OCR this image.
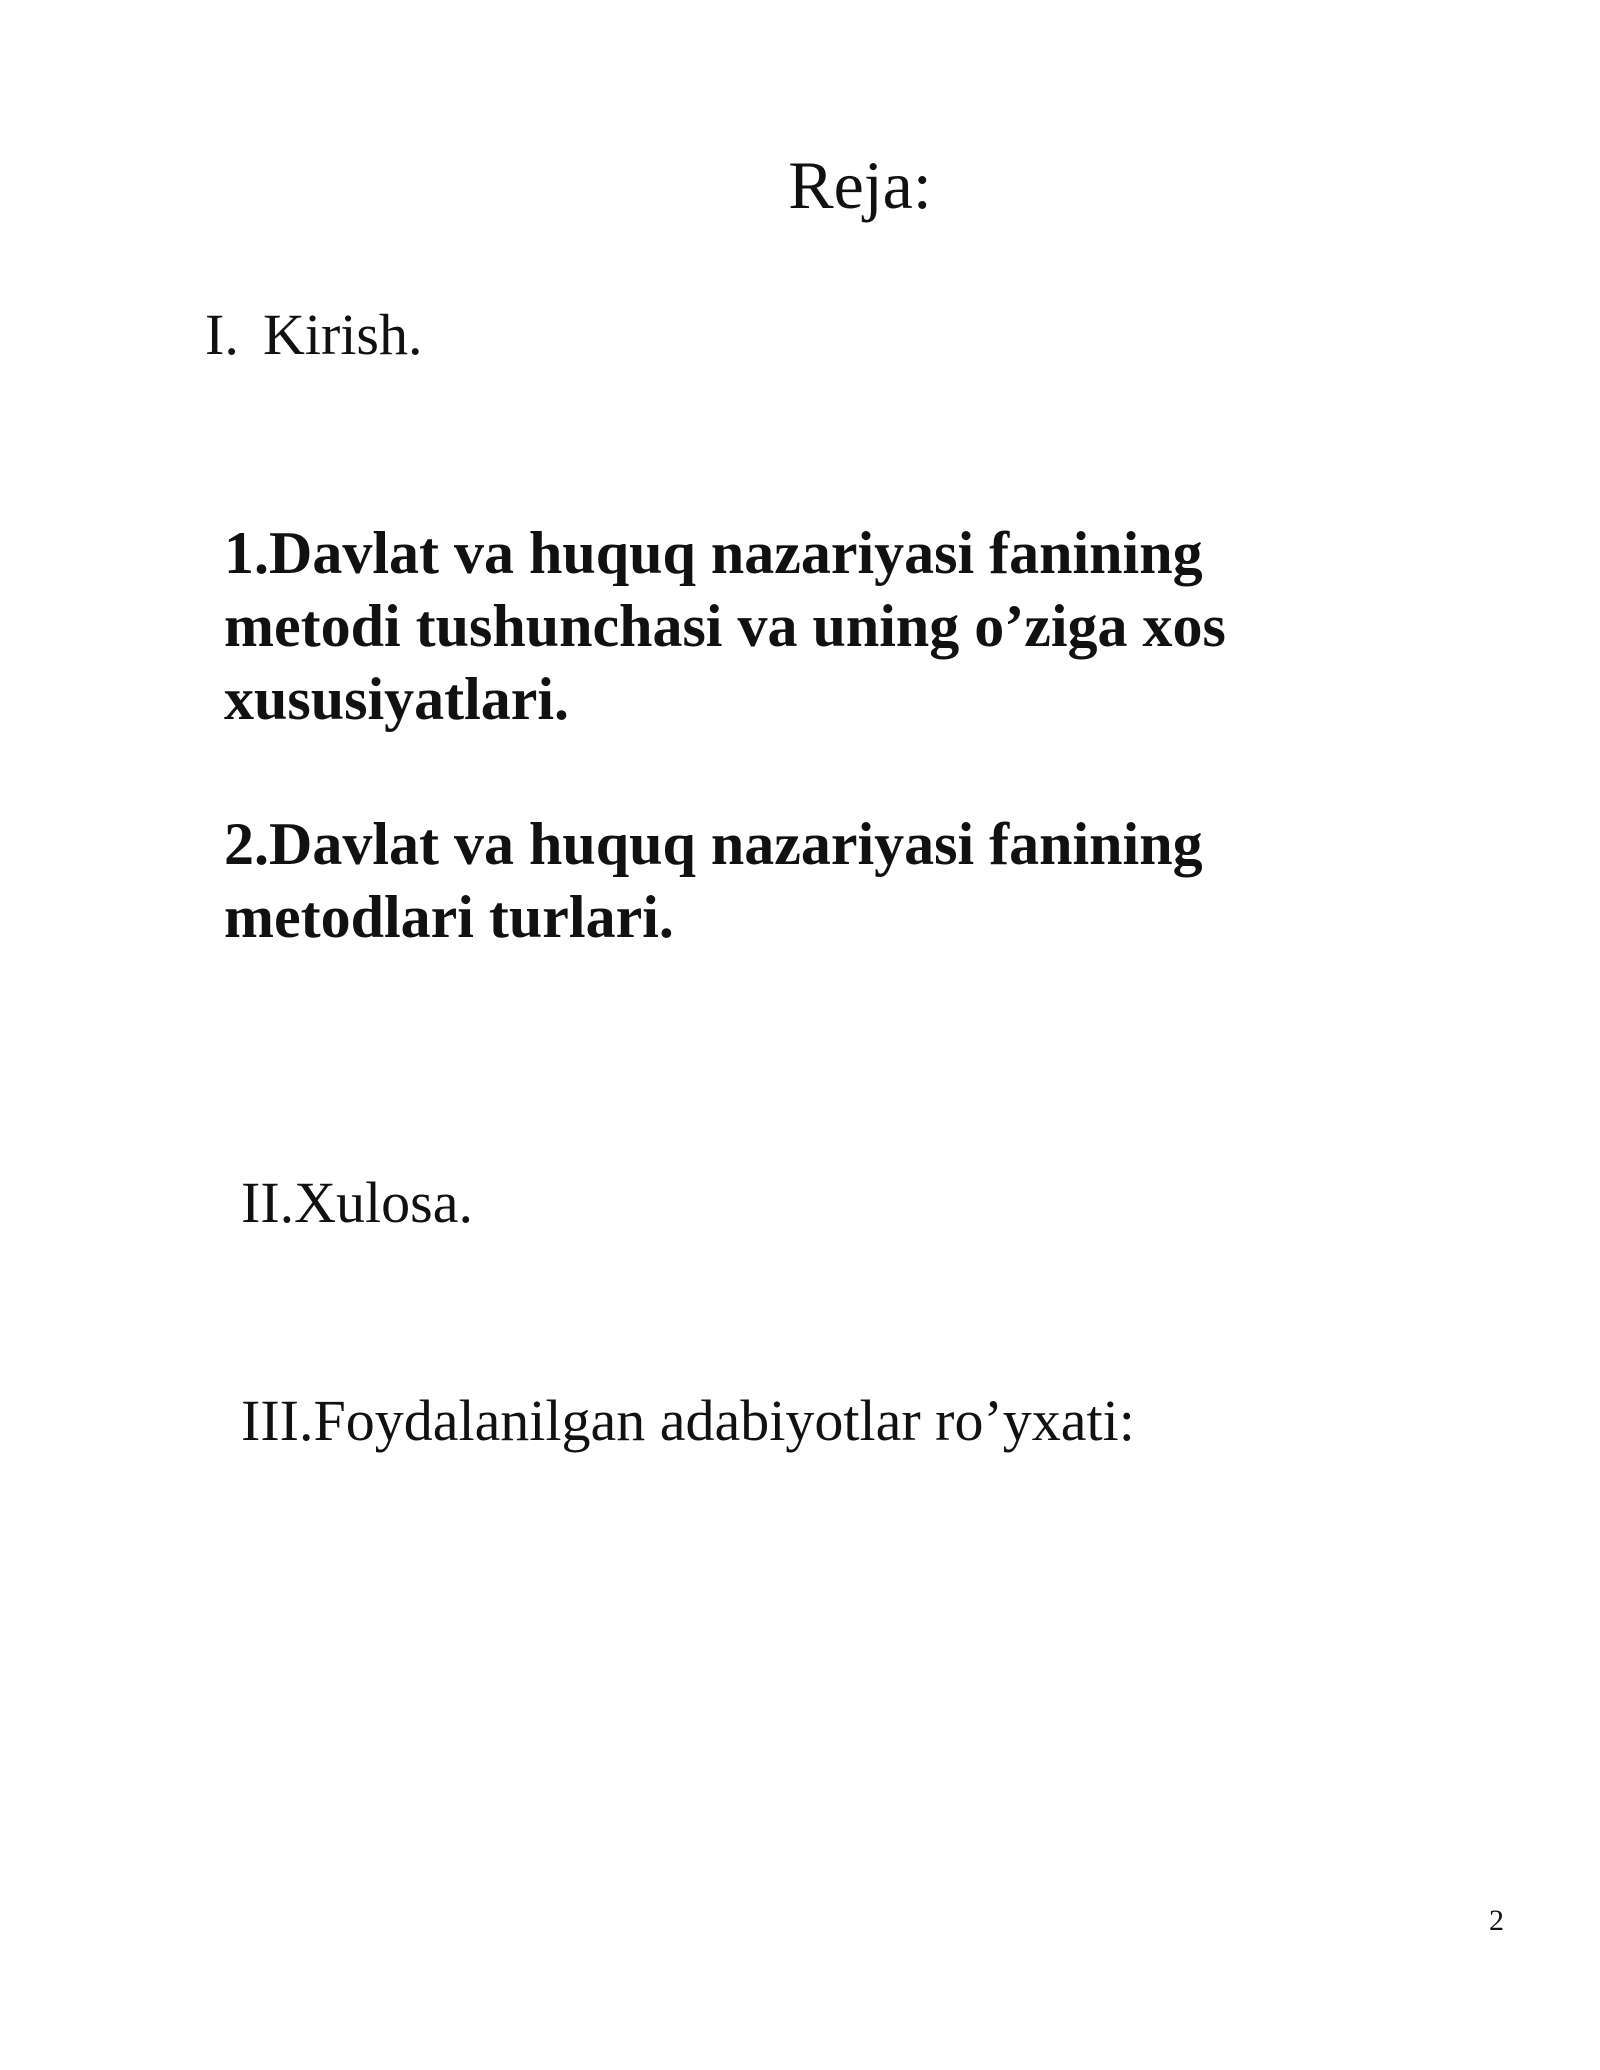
Reja:

I. Kirish.

1.Davlat va huquq nazariyasi fanining metodi tushunchasi va uning o’ziga xos xususiyatlari.

2.Davlat va huquq nazariyasi fanining metodlari turlari.

II.Xulosa.

III.Foydalanilgan adabiyotlar ro’yxati:

2
